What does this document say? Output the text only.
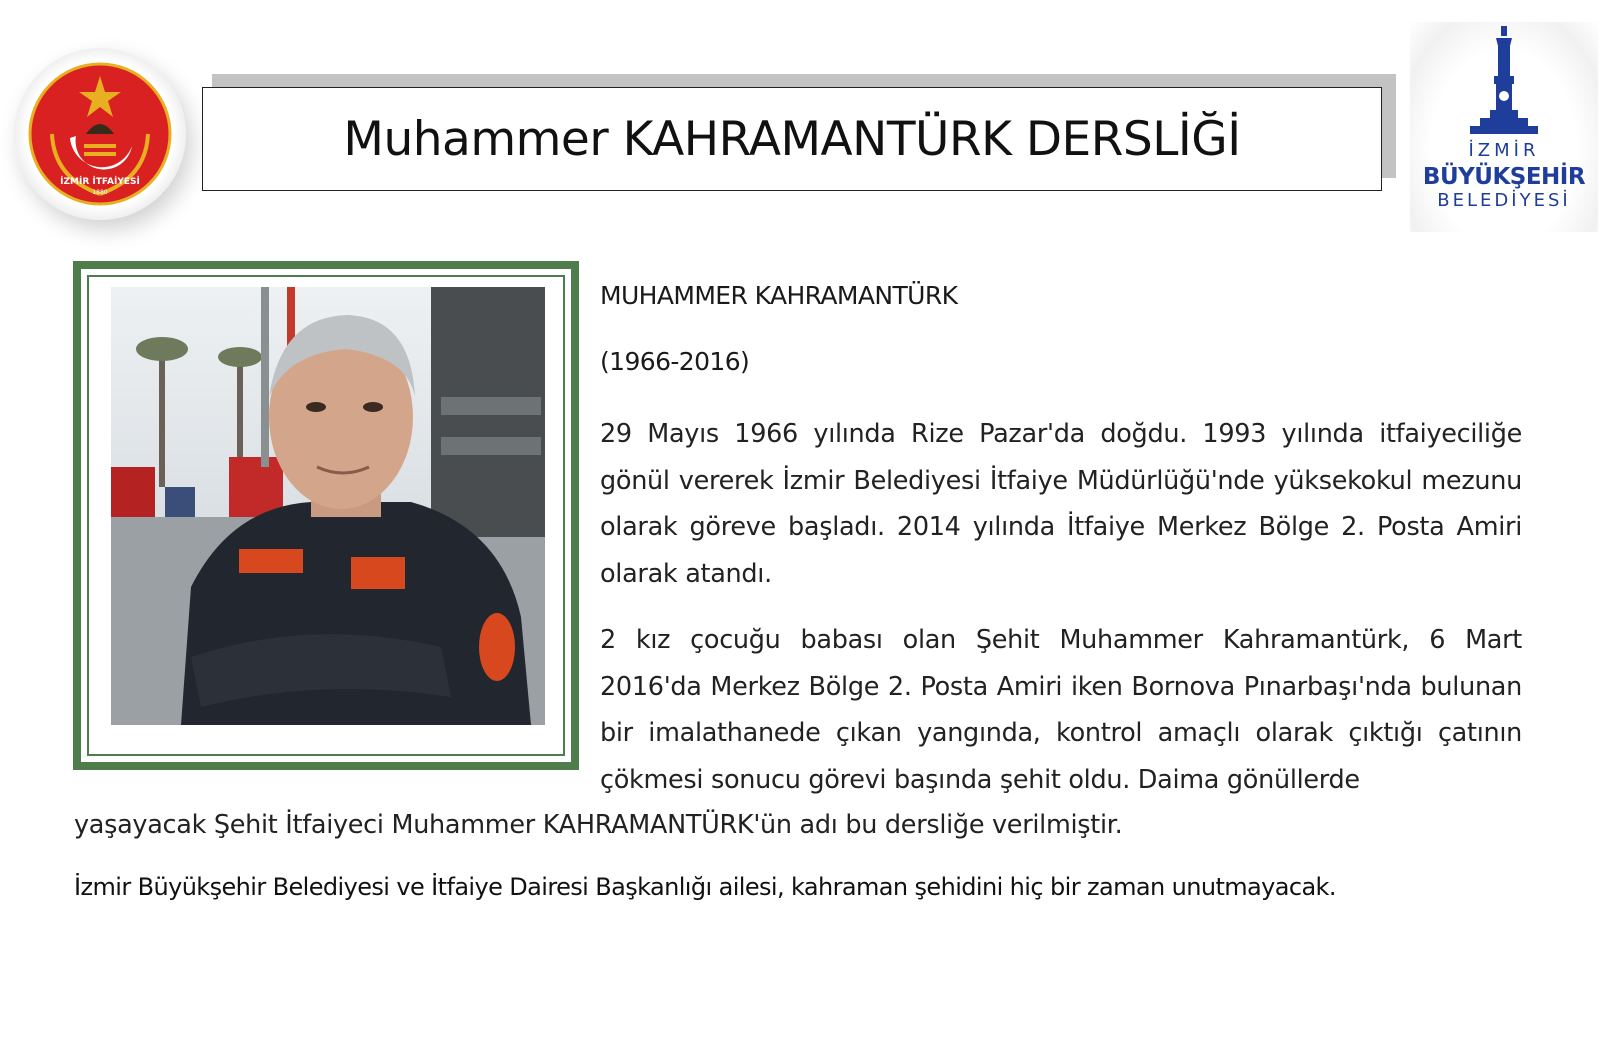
İZMİR İTFAİYESİ
1880
Muhammer KAHRAMANTÜRK DERSLİĞİ	İZMİR
BÜYÜKŞEHİR
BELEDİYESİ
MUHAMMER KAHRAMANTÜRK
(1966-2016)
29 Mayıs 1966 yılında Rize Pazar'da doğdu. 1993 yılında itfaiyeciliğe gönül vererek İzmir Belediyesi İtfaiye Müdürlüğü'nde yüksekokul mezunu olarak göreve başladı. 2014 yılında İtfaiye Merkez Bölge 2. Posta Amiri olarak atandı.
2 kız çocuğu babası olan Şehit Muhammer Kahramantürk, 6 Mart 2016'da Merkez Bölge 2. Posta Amiri iken Bornova Pınarbaşı'nda bulunan bir imalathanede çıkan yangında, kontrol amaçlı olarak çıktığı çatının çökmesi sonucu görevi başında şehit oldu. Daima gönüllerde
yaşayacak Şehit İtfaiyeci Muhammer KAHRAMANTÜRK'ün adı bu dersliğe verilmiştir.
İzmir Büyükşehir Belediyesi ve İtfaiye Dairesi Başkanlığı ailesi, kahraman şehidini hiç bir zaman unutmayacak.
